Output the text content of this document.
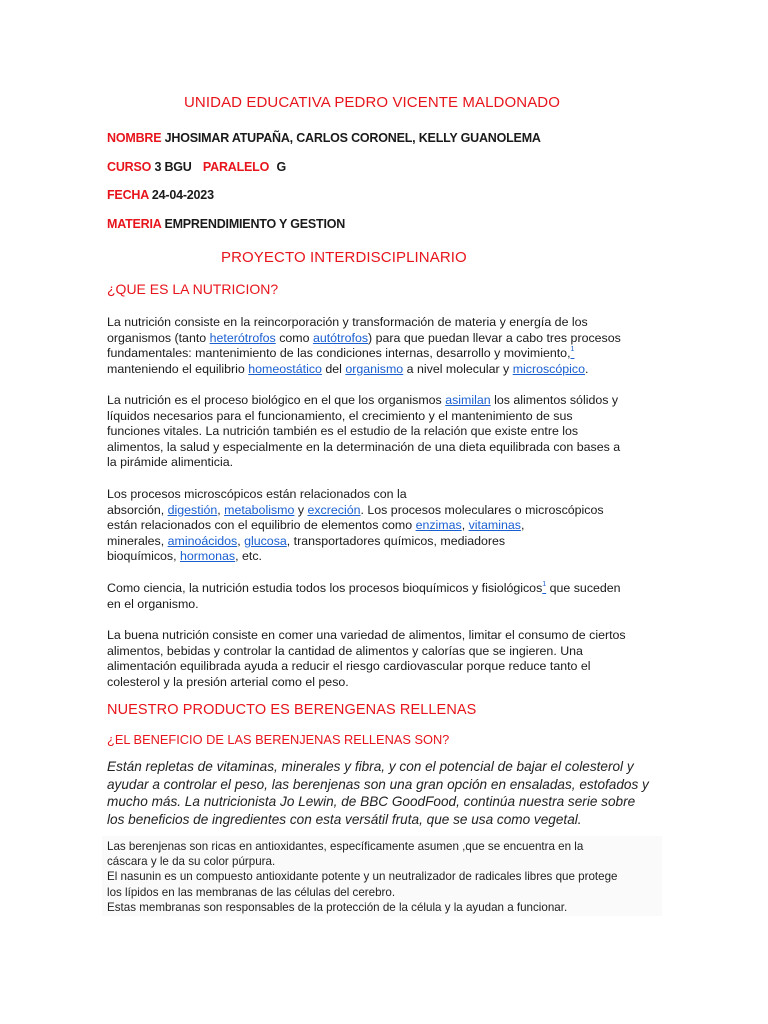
UNIDAD EDUCATIVA PEDRO VICENTE MALDONADO
NOMBRE JHOSIMAR ATUPAÑA, CARLOS CORONEL, KELLY GUANOLEMA
CURSO 3 BGU PARALELO G
FECHA 24-04-2023
MATERIA EMPRENDIMIENTO Y GESTION
PROYECTO INTERDISCIPLINARIO
¿QUE ES LA NUTRICION?
La nutrición consiste en la reincorporación y transformación de materia y energía de los
organismos (tanto heterótrofos como autótrofos) para que puedan llevar a cabo tres procesos
fundamentales: mantenimiento de las condiciones internas, desarrollo y movimiento,$^1$
manteniendo el equilibrio homeostático del organismo a nivel molecular y microscópico.
La nutrición es el proceso biológico en el que los organismos asimilan los alimentos sólidos y
líquidos necesarios para el funcionamiento, el crecimiento y el mantenimiento de sus
funciones vitales. La nutrición también es el estudio de la relación que existe entre los
alimentos, la salud y especialmente en la determinación de una dieta equilibrada con bases a
la pirámide alimenticia.
Los procesos microscópicos están relacionados con la
absorción, digestión, metabolismo y excreción. Los procesos moleculares o microscópicos
están relacionados con el equilibrio de elementos como enzimas, vitaminas,
minerales, aminoácidos, glucosa, transportadores químicos, mediadores
bioquímicos, hormonas, etc.
Como ciencia, la nutrición estudia todos los procesos bioquímicos y fisiológicos$^1$ que suceden
en el organismo.
La buena nutrición consiste en comer una variedad de alimentos, limitar el consumo de ciertos
alimentos, bebidas y controlar la cantidad de alimentos y calorías que se ingieren. Una
alimentación equilibrada ayuda a reducir el riesgo cardiovascular porque reduce tanto el
colesterol y la presión arterial como el peso.
NUESTRO PRODUCTO ES BERENGENAS RELLENAS
¿EL BENEFICIO DE LAS BERENJENAS RELLENAS SON?
Están repletas de vitaminas, minerales y fibra, y con el potencial de bajar el colesterol y
ayudar a controlar el peso, las berenjenas son una gran opción en ensaladas, estofados y
mucho más. La nutricionista Jo Lewin, de BBC GoodFood, continúa nuestra serie sobre
los beneficios de ingredientes con esta versátil fruta, que se usa como vegetal.
Las berenjenas son ricas en antioxidantes, específicamente asumen ,que se encuentra en la
cáscara y le da su color púrpura.
El nasunin es un compuesto antioxidante potente y un neutralizador de radicales libres que protege
los lípidos en las membranas de las células del cerebro.
Estas membranas son responsables de la protección de la célula y la ayudan a funcionar.
